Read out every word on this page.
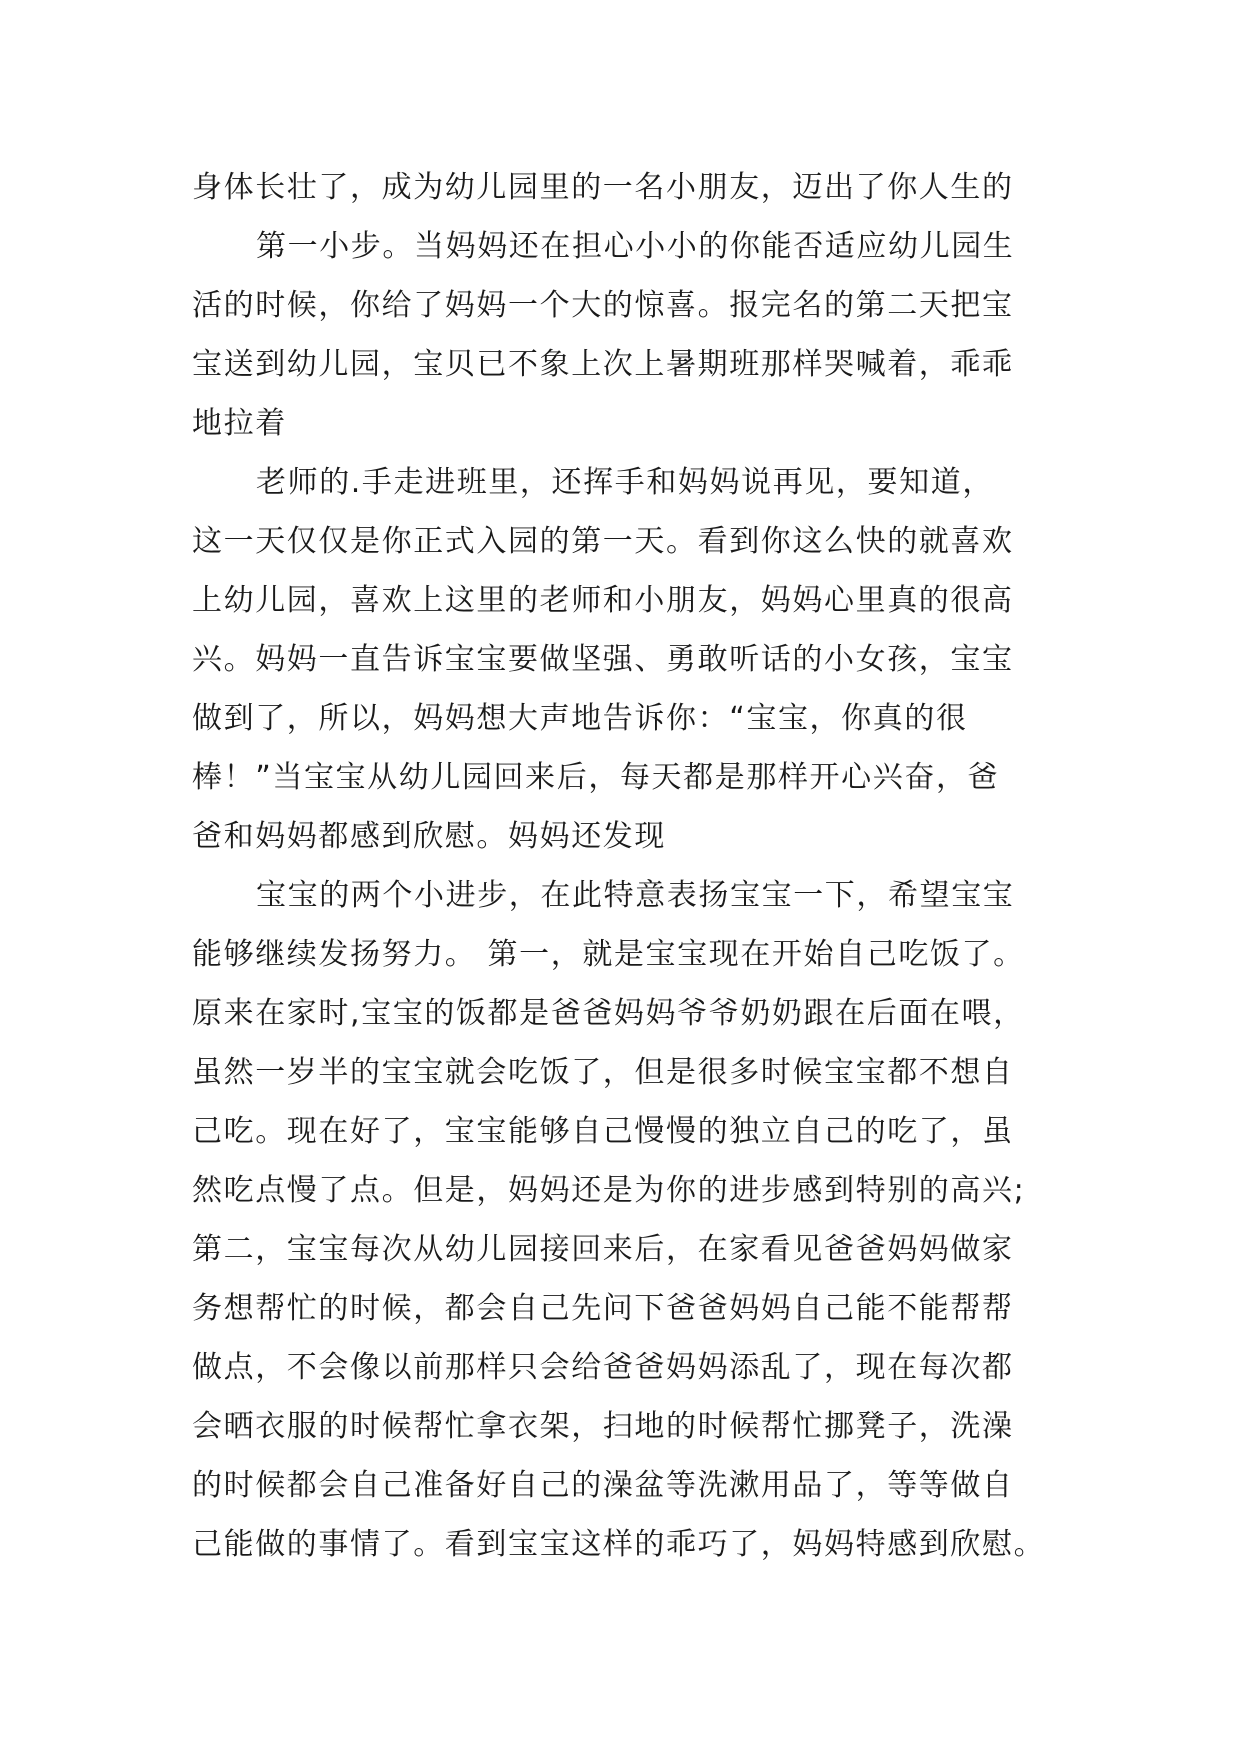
身体长壮了，成为幼儿园里的一名小朋友，迈出了你人生的
第一小步。当妈妈还在担心小小的你能否适应幼儿园生
活的时候，你给了妈妈一个大的惊喜。报完名的第二天把宝
宝送到幼儿园，宝贝已不象上次上暑期班那样哭喊着，乖乖
地拉着
老师的.手走进班里，还挥手和妈妈说再见，要知道，
这一天仅仅是你正式入园的第一天。看到你这么快的就喜欢
上幼儿园，喜欢上这里的老师和小朋友，妈妈心里真的很高
兴。妈妈一直告诉宝宝要做坚强、勇敢听话的小女孩，宝宝
做到了，所以，妈妈想大声地告诉你：“宝宝，你真的很
棒！”当宝宝从幼儿园回来后，每天都是那样开心兴奋，爸
爸和妈妈都感到欣慰。妈妈还发现
宝宝的两个小进步，在此特意表扬宝宝一下，希望宝宝
能够继续发扬努力。 第一，就是宝宝现在开始自己吃饭了。
原来在家时,宝宝的饭都是爸爸妈妈爷爷奶奶跟在后面在喂，
虽然一岁半的宝宝就会吃饭了，但是很多时候宝宝都不想自
己吃。现在好了，宝宝能够自己慢慢的独立自己的吃了，虽
然吃点慢了点。但是，妈妈还是为你的进步感到特别的高兴;
第二，宝宝每次从幼儿园接回来后，在家看见爸爸妈妈做家
务想帮忙的时候，都会自己先问下爸爸妈妈自己能不能帮帮
做点，不会像以前那样只会给爸爸妈妈添乱了，现在每次都
会晒衣服的时候帮忙拿衣架，扫地的时候帮忙挪凳子，洗澡
的时候都会自己准备好自己的澡盆等洗漱用品了，等等做自
己能做的事情了。看到宝宝这样的乖巧了，妈妈特感到欣慰。
